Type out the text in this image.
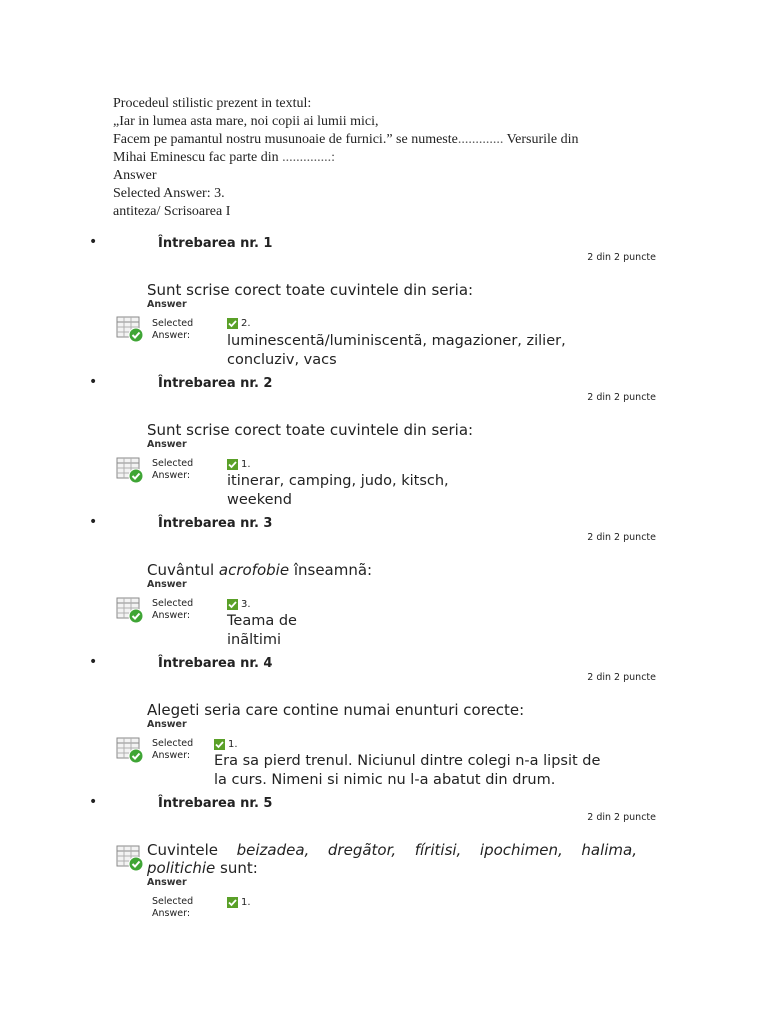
Procedeul stilistic prezent in textul:
„Iar in lumea asta mare, noi copii ai lumii mici,
Facem pe pamantul nostru musunoaie de furnici.” se numeste............. Versurile din
Mihai Eminescu fac parte din ..............:
Answer
Selected Answer: 3.
antiteza/ Scrisoarea I
•	Întrebarea nr. 1
2 din 2 puncte
Sunt scrise corect toate cuvintele din seria:
Answer
Selected
Answer:
2.
luminescentã/luminiscentã, magazioner, zilier,
concluziv, vacs
•	Întrebarea nr. 2
2 din 2 puncte
Sunt scrise corect toate cuvintele din seria:
Answer
Selected
Answer:
1.
itinerar, camping, judo, kitsch,
weekend
•	Întrebarea nr. 3
2 din 2 puncte
Cuvântul acrofobie înseamnã:
Answer
Selected
Answer:
3.
Teama de
inãltimi
•	Întrebarea nr. 4
2 din 2 puncte
Alegeti seria care contine numai enunturi corecte:
Answer
Selected
Answer:
1.
Era sa pierd trenul. Niciunul dintre colegi n-a lipsit de
la curs. Nimeni si nimic nu l-a abatut din drum.
•	Întrebarea nr. 5
2 din 2 puncte
Cuvintele beizadea, dregãtor, fíritisi, ipochimen, halima,
politichie sunt:
Answer
Selected
Answer:
1.
